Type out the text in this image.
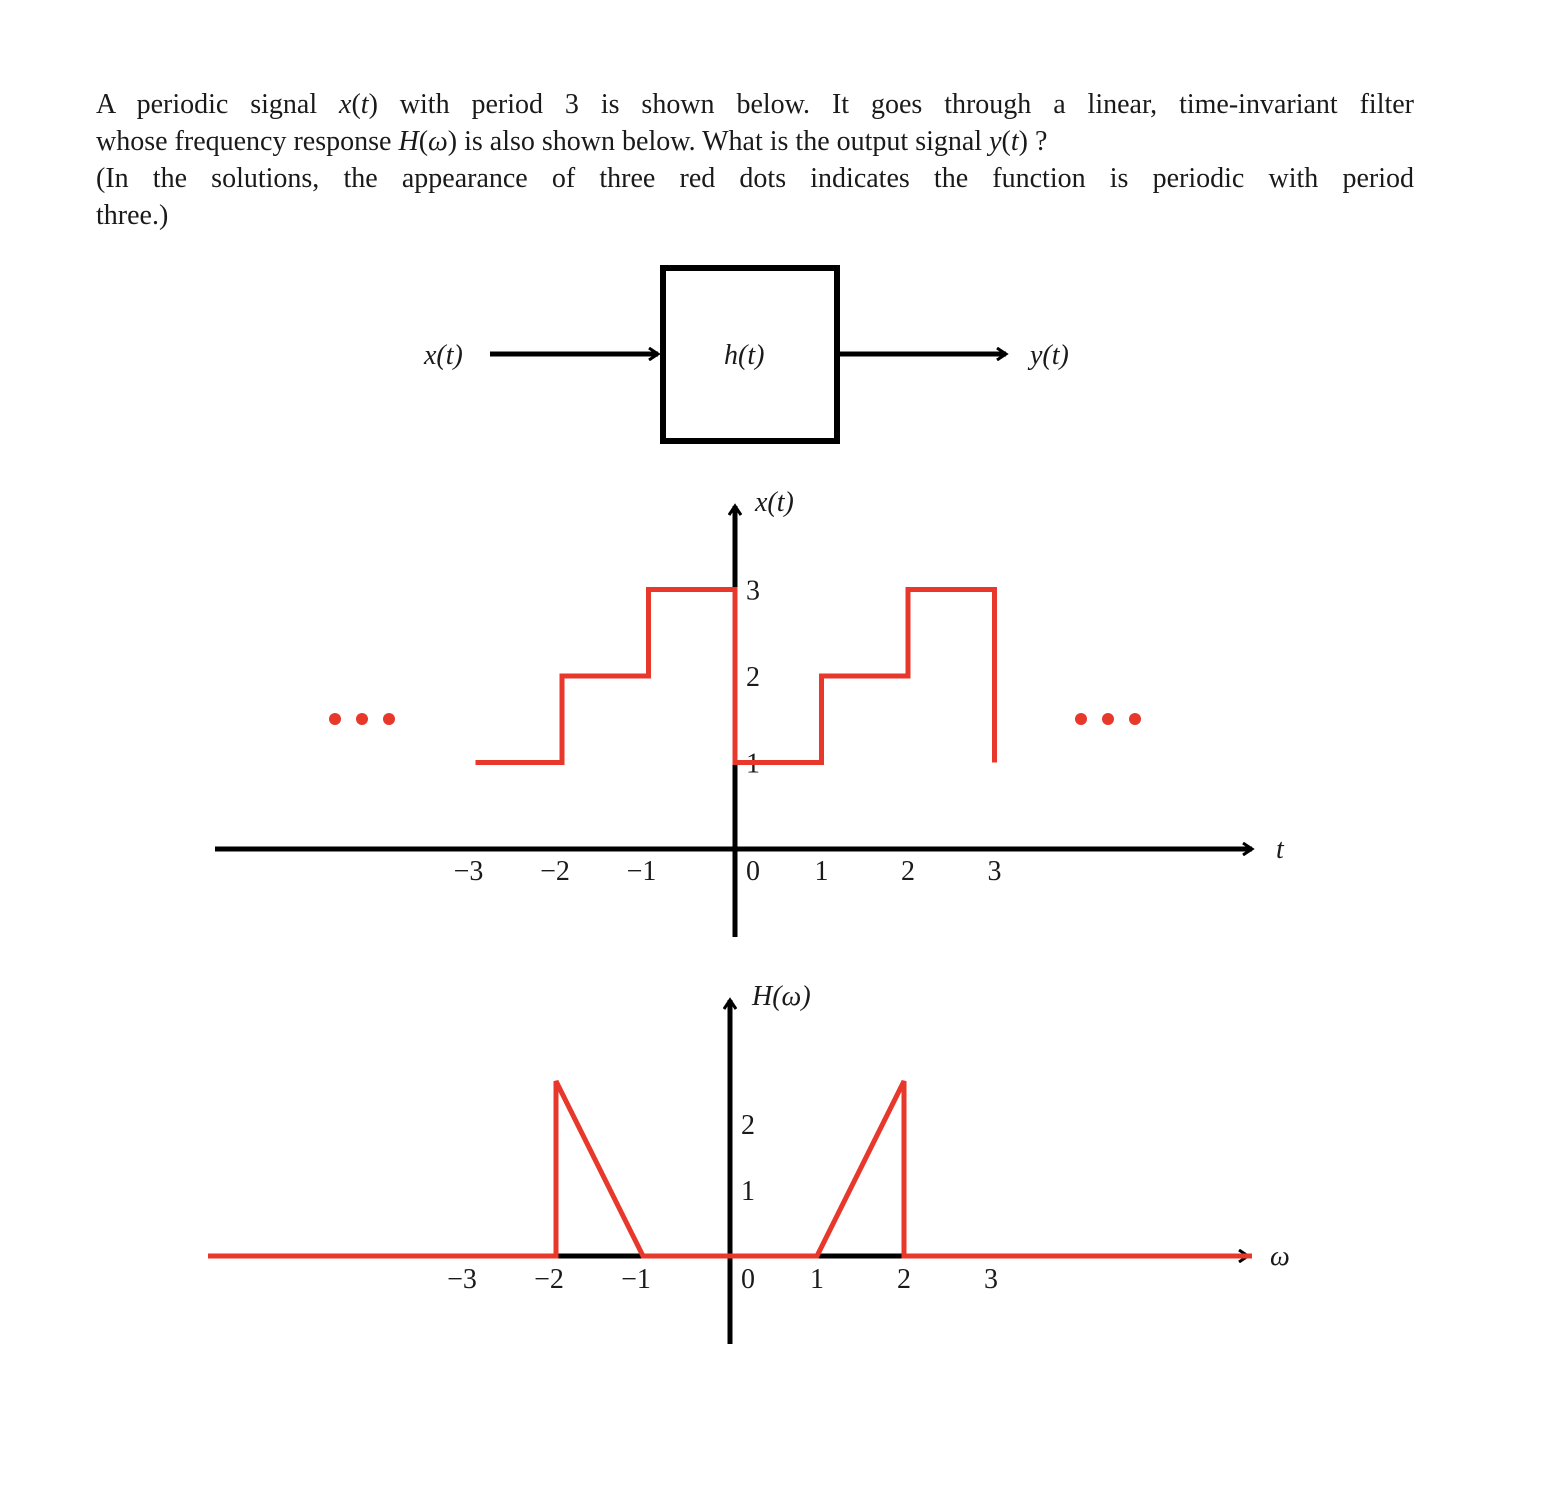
A periodic signal x(t) with period 3 is shown below. It goes through a linear, time-invariant filter
whose frequency response H(ω) is also shown below. What is the output signal y(t) ?
(In the solutions, the appearance of three red dots indicates the function is periodic with period
three.)
x(t)	h(t)	y(t)
x(t)
t
−3 −2 −1	0 1	2	3
1
2
3
H(ω)
ω
−3 −2 −1	0 1	2	3
1
2
